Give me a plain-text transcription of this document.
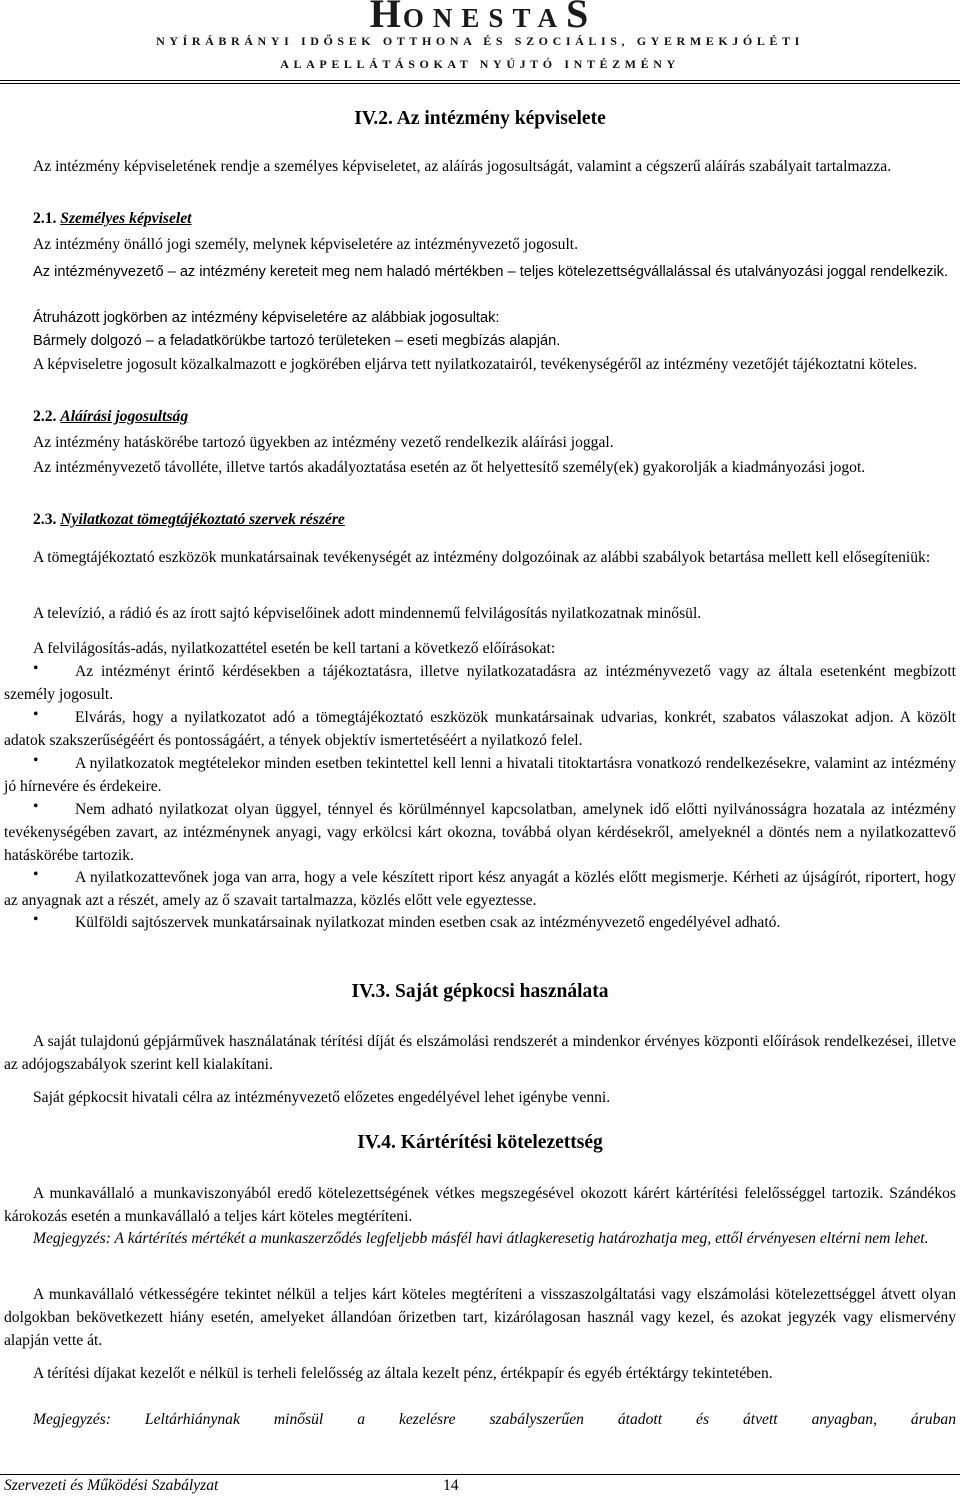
HONESTAS
NYÍRÁBRÁNYI IDŐSEK OTTHONA ÉS SZOCIÁLIS, GYERMEKJÓLÉTI
ALAPELLÁTÁSOKAT NYÚJTÓ INTÉZMÉNY
IV.2. Az intézmény képviselete
Az intézmény képviseletének rendje a személyes képviseletet, az aláírás jogosultságát, valamint a cégszerű aláírás szabályait tartalmazza.
2.1. Személyes képviselet
Az intézmény önálló jogi személy, melynek képviseletére az intézményvezető jogosult.
Az intézményvezető – az intézmény kereteit meg nem haladó mértékben – teljes kötelezettségvállalással és utalványozási joggal rendelkezik.
Átruházott jogkörben az intézmény képviseletére az alábbiak jogosultak:
Bármely dolgozó – a feladatkörükbe tartozó területeken – eseti megbízás alapján.
A képviseletre jogosult közalkalmazott e jogkörében eljárva tett nyilatkozatairól, tevékenységéről az intézmény vezetőjét tájékoztatni köteles.
2.2. Aláírási jogosultság
Az intézmény hatáskörébe tartozó ügyekben az intézmény vezető rendelkezik aláírási joggal.
Az intézményvezető távolléte, illetve tartós akadályoztatása esetén az őt helyettesítő személy(ek) gyakorolják a kiadmányozási jogot.
2.3. Nyilatkozat tömegtájékoztató szervek részére
A tömegtájékoztató eszközök munkatársainak tevékenységét az intézmény dolgozóinak az alábbi szabályok betartása mellett kell elősegíteniük:
A televízió, a rádió és az írott sajtó képviselőinek adott mindennemű felvilágosítás nyilatkozatnak minősül.
A felvilágosítás-adás, nyilatkozattétel esetén be kell tartani a következő előírásokat:
•	Az intézményt érintő kérdésekben a tájékoztatásra, illetve nyilatkozatadásra az intézményvezető vagy az általa esetenként megbízott személy jogosult.
•	Elvárás, hogy a nyilatkozatot adó a tömegtájékoztató eszközök munkatársainak udvarias, konkrét, szabatos válaszokat adjon. A közölt adatok szakszerűségéért és pontosságáért, a tények objektív ismertetéséért a nyilatkozó felel.
•	A nyilatkozatok megtételekor minden esetben tekintettel kell lenni a hivatali titoktartásra vonatkozó rendelkezésekre, valamint az intézmény jó hírnevére és érdekeire.
•	Nem adható nyilatkozat olyan üggyel, ténnyel és körülménnyel kapcsolatban, amelynek idő előtti nyilvánosságra hozatala az intézmény tevékenységében zavart, az intézménynek anyagi, vagy erkölcsi kárt okozna, továbbá olyan kérdésekről, amelyeknél a döntés nem a nyilatkozattevő hatáskörébe tartozik.
•	A nyilatkozattevőnek joga van arra, hogy a vele készített riport kész anyagát a közlés előtt megismerje. Kérheti az újságírót, riportert, hogy az anyagnak azt a részét, amely az ő szavait tartalmazza, közlés előtt vele egyeztesse.
•	Külföldi sajtószervek munkatársainak nyilatkozat minden esetben csak az intézményvezető engedélyével adható.
IV.3. Saját gépkocsi használata
A saját tulajdonú gépjárművek használatának térítési díját és elszámolási rendszerét a mindenkor érvényes központi előírások rendelkezései, illetve az adójogszabályok szerint kell kialakítani.
Saját gépkocsit hivatali célra az intézményvezető előzetes engedélyével lehet igénybe venni.
IV.4. Kártérítési kötelezettség
A munkavállaló a munkaviszonyából eredő kötelezettségének vétkes megszegésével okozott kárért kártérítési felelősséggel tartozik. Szándékos károkozás esetén a munkavállaló a teljes kárt köteles megtéríteni.
Megjegyzés: A kártérítés mértékét a munkaszerződés legfeljebb másfél havi átlagkeresetig határozhatja meg, ettől érvényesen eltérni nem lehet.
A munkavállaló vétkességére tekintet nélkül a teljes kárt köteles megtéríteni a visszaszolgáltatási vagy elszámolási kötelezettséggel átvett olyan dolgokban bekövetkezett hiány esetén, amelyeket állandóan őrizetben tart, kizárólagosan használ vagy kezel, és azokat jegyzék vagy elismervény alapján vette át.
A térítési díjakat kezelőt e nélkül is terheli felelősség az általa kezelt pénz, értékpapír és egyéb értéktárgy tekintetében.
Megjegyzés: Leltárhiánynak minősül a kezelésre szabályszerűen átadott és átvett anyagban, áruban
Szervezeti és Működési Szabályzat	14
